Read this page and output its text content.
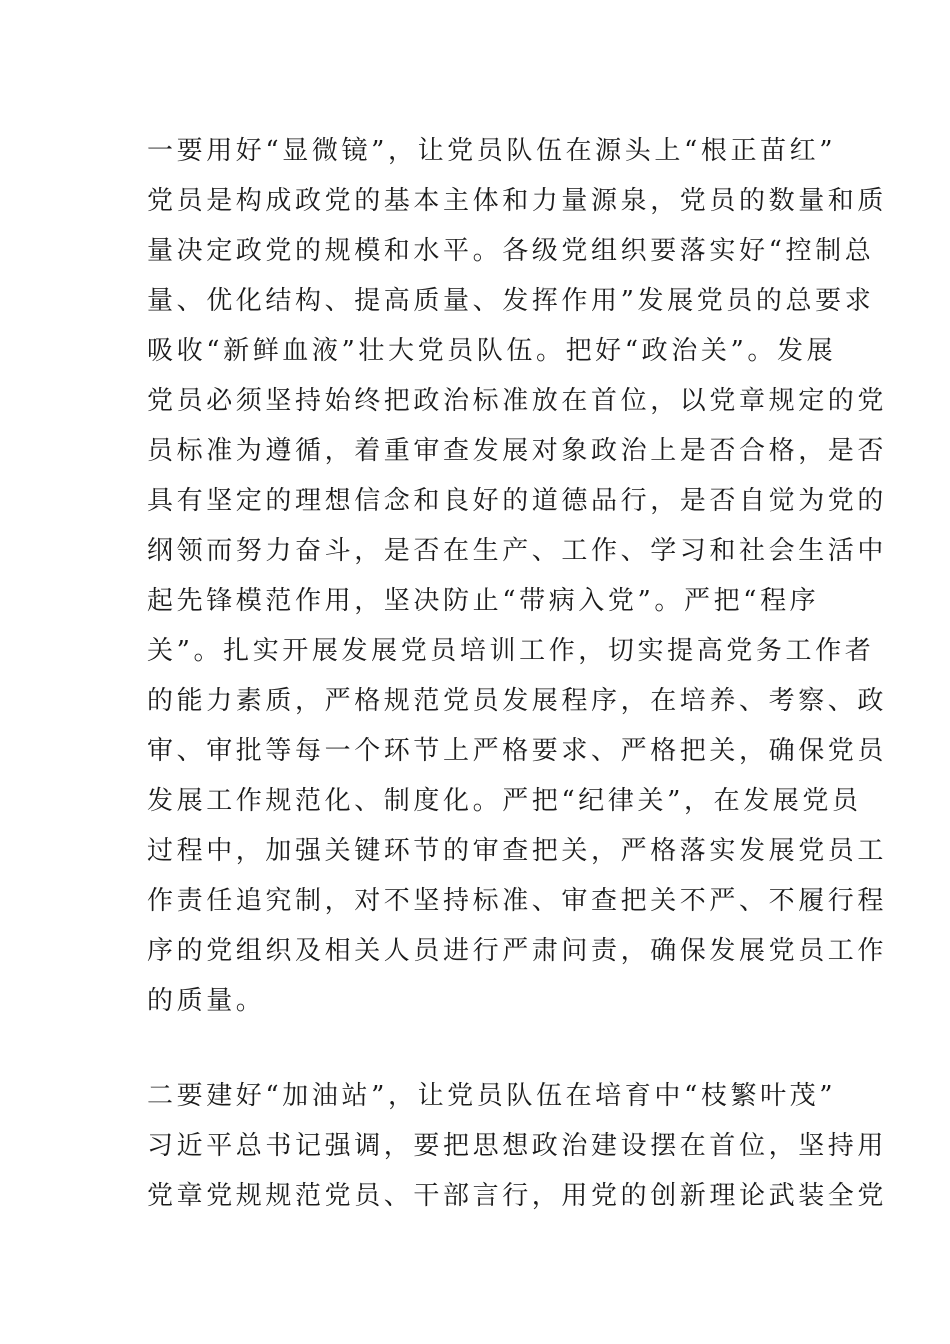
一要用好“显微镜”，让党员队伍在源头上“根正苗红”
党员是构成政党的基本主体和力量源泉，党员的数量和质
量决定政党的规模和水平。各级党组织要落实好“控制总
量、优化结构、提高质量、发挥作用”发展党员的总要求
吸收“新鲜血液”壮大党员队伍。把好“政治关”。发展
党员必须坚持始终把政治标准放在首位，以党章规定的党
员标准为遵循，着重审查发展对象政治上是否合格，是否
具有坚定的理想信念和良好的道德品行，是否自觉为党的
纲领而努力奋斗，是否在生产、工作、学习和社会生活中
起先锋模范作用，坚决防止“带病入党”。严把“程序
关”。扎实开展发展党员培训工作，切实提高党务工作者
的能力素质，严格规范党员发展程序，在培养、考察、政
审、审批等每一个环节上严格要求、严格把关，确保党员
发展工作规范化、制度化。严把“纪律关”，在发展党员
过程中，加强关键环节的审查把关，严格落实发展党员工
作责任追究制，对不坚持标准、审查把关不严、不履行程
序的党组织及相关人员进行严肃问责，确保发展党员工作
的质量。
二要建好“加油站”，让党员队伍在培育中“枝繁叶茂”
习近平总书记强调，要把思想政治建设摆在首位，坚持用
党章党规规范党员、干部言行，用党的创新理论武装全党
